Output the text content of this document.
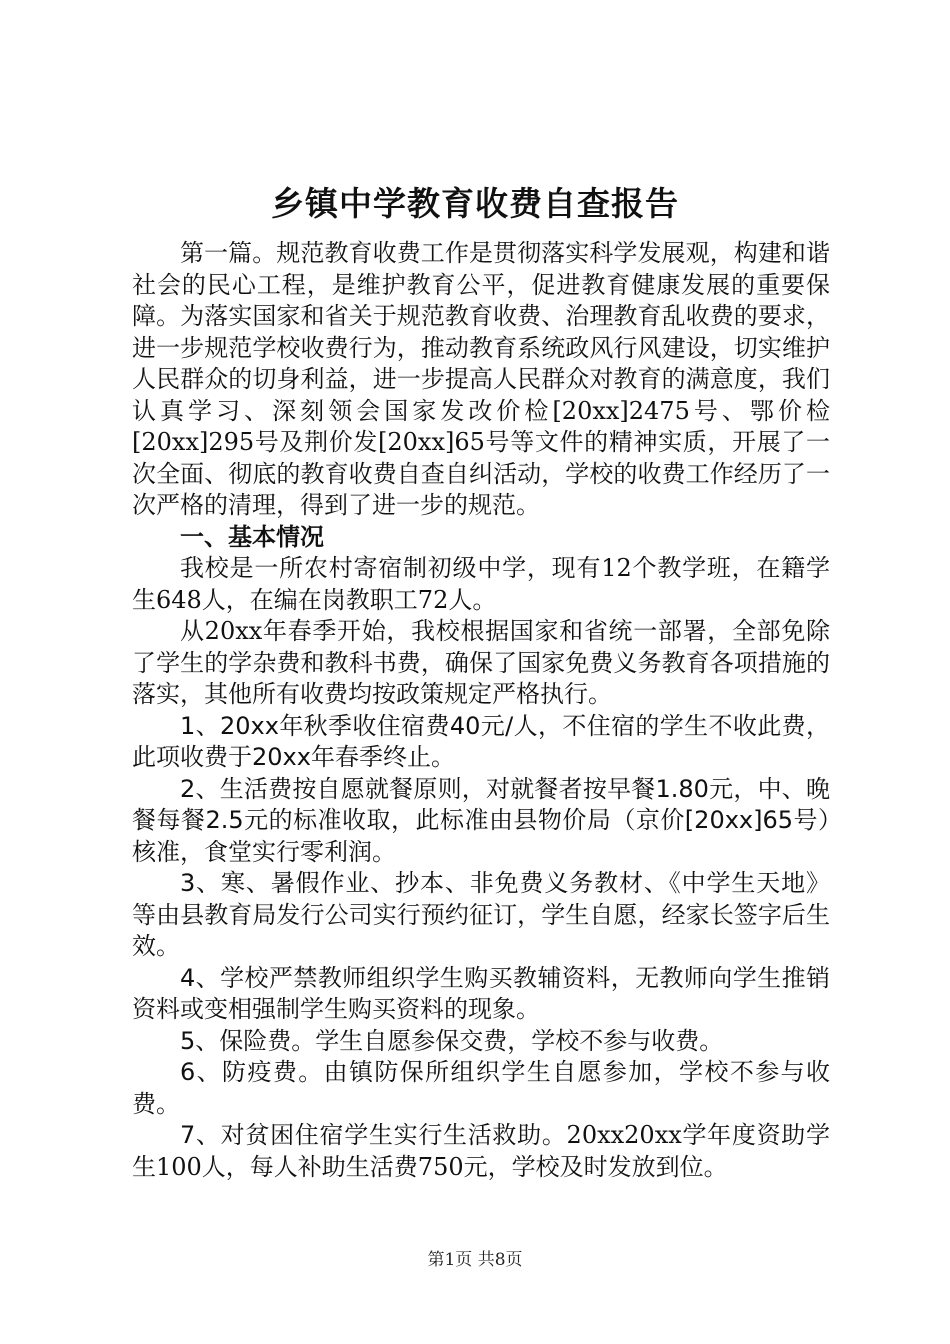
乡镇中学教育收费自查报告

第一篇。规范教育收费工作是贯彻落实科学发展观，构建和谐社会的民心工程，是维护教育公平，促进教育健康发展的重要保障。为落实国家和省关于规范教育收费、治理教育乱收费的要求，进一步规范学校收费行为，推动教育系统政风行风建设，切实维护人民群众的切身利益，进一步提高人民群众对教育的满意度，我们认真学习、深刻领会国家发改价检[20xx]2475号、鄂价检[20xx]295号及荆价发[20xx]65号等文件的精神实质，开展了一次全面、彻底的教育收费自查自纠活动，学校的收费工作经历了一次严格的清理，得到了进一步的规范。

一、基本情况

我校是一所农村寄宿制初级中学，现有12个教学班，在籍学生648人，在编在岗教职工72人。

从20xx年春季开始，我校根据国家和省统一部署，全部免除了学生的学杂费和教科书费，确保了国家免费义务教育各项措施的落实，其他所有收费均按政策规定严格执行。

1、20xx年秋季收住宿费40元/人，不住宿的学生不收此费，此项收费于20xx年春季终止。

2、生活费按自愿就餐原则，对就餐者按早餐1.80元，中、晚餐每餐2.5元的标准收取，此标准由县物价局（京价[20xx]65号）核准，食堂实行零利润。

3、寒、暑假作业、抄本、非免费义务教材、《中学生天地》等由县教育局发行公司实行预约征订，学生自愿，经家长签字后生效。

4、学校严禁教师组织学生购买教辅资料，无教师向学生推销资料或变相强制学生购买资料的现象。

5、保险费。学生自愿参保交费，学校不参与收费。

6、防疫费。由镇防保所组织学生自愿参加，学校不参与收费。

7、对贫困住宿学生实行生活救助。20xx20xx学年度资助学生100人，每人补助生活费750元，学校及时发放到位。

第1页 共8页
